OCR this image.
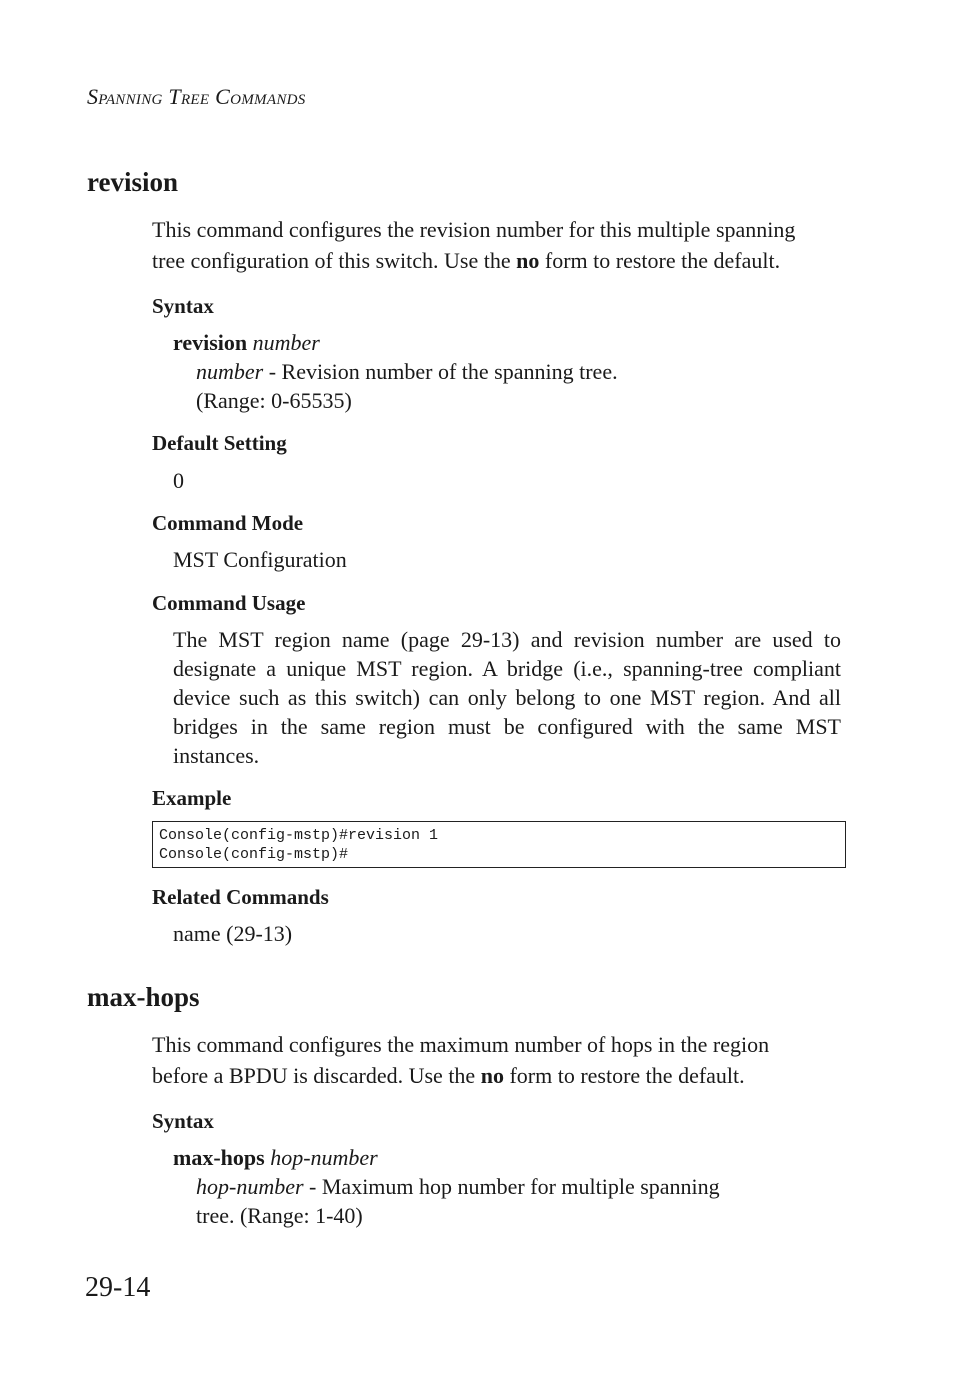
Spanning Tree Commands
revision
This command configures the revision number for this multiple spanning
tree configuration of this switch. Use the no form to restore the default.
Syntax
revision number
number - Revision number of the spanning tree.
(Range: 0-65535)
Default Setting
0
Command Mode
MST Configuration
Command Usage
The MST region name (page 29-13) and revision number are used to
designate a unique MST region. A bridge (i.e., spanning-tree compliant
device such as this switch) can only belong to one MST region. And all
bridges in the same region must be configured with the same MST
instances.
Example
Console(config-mstp)#revision 1
Console(config-mstp)#
Related Commands
name (29-13)
max-hops
This command configures the maximum number of hops in the region
before a BPDU is discarded. Use the no form to restore the default.
Syntax
max-hops hop-number
hop-number - Maximum hop number for multiple spanning
tree. (Range: 1-40)
29-14
